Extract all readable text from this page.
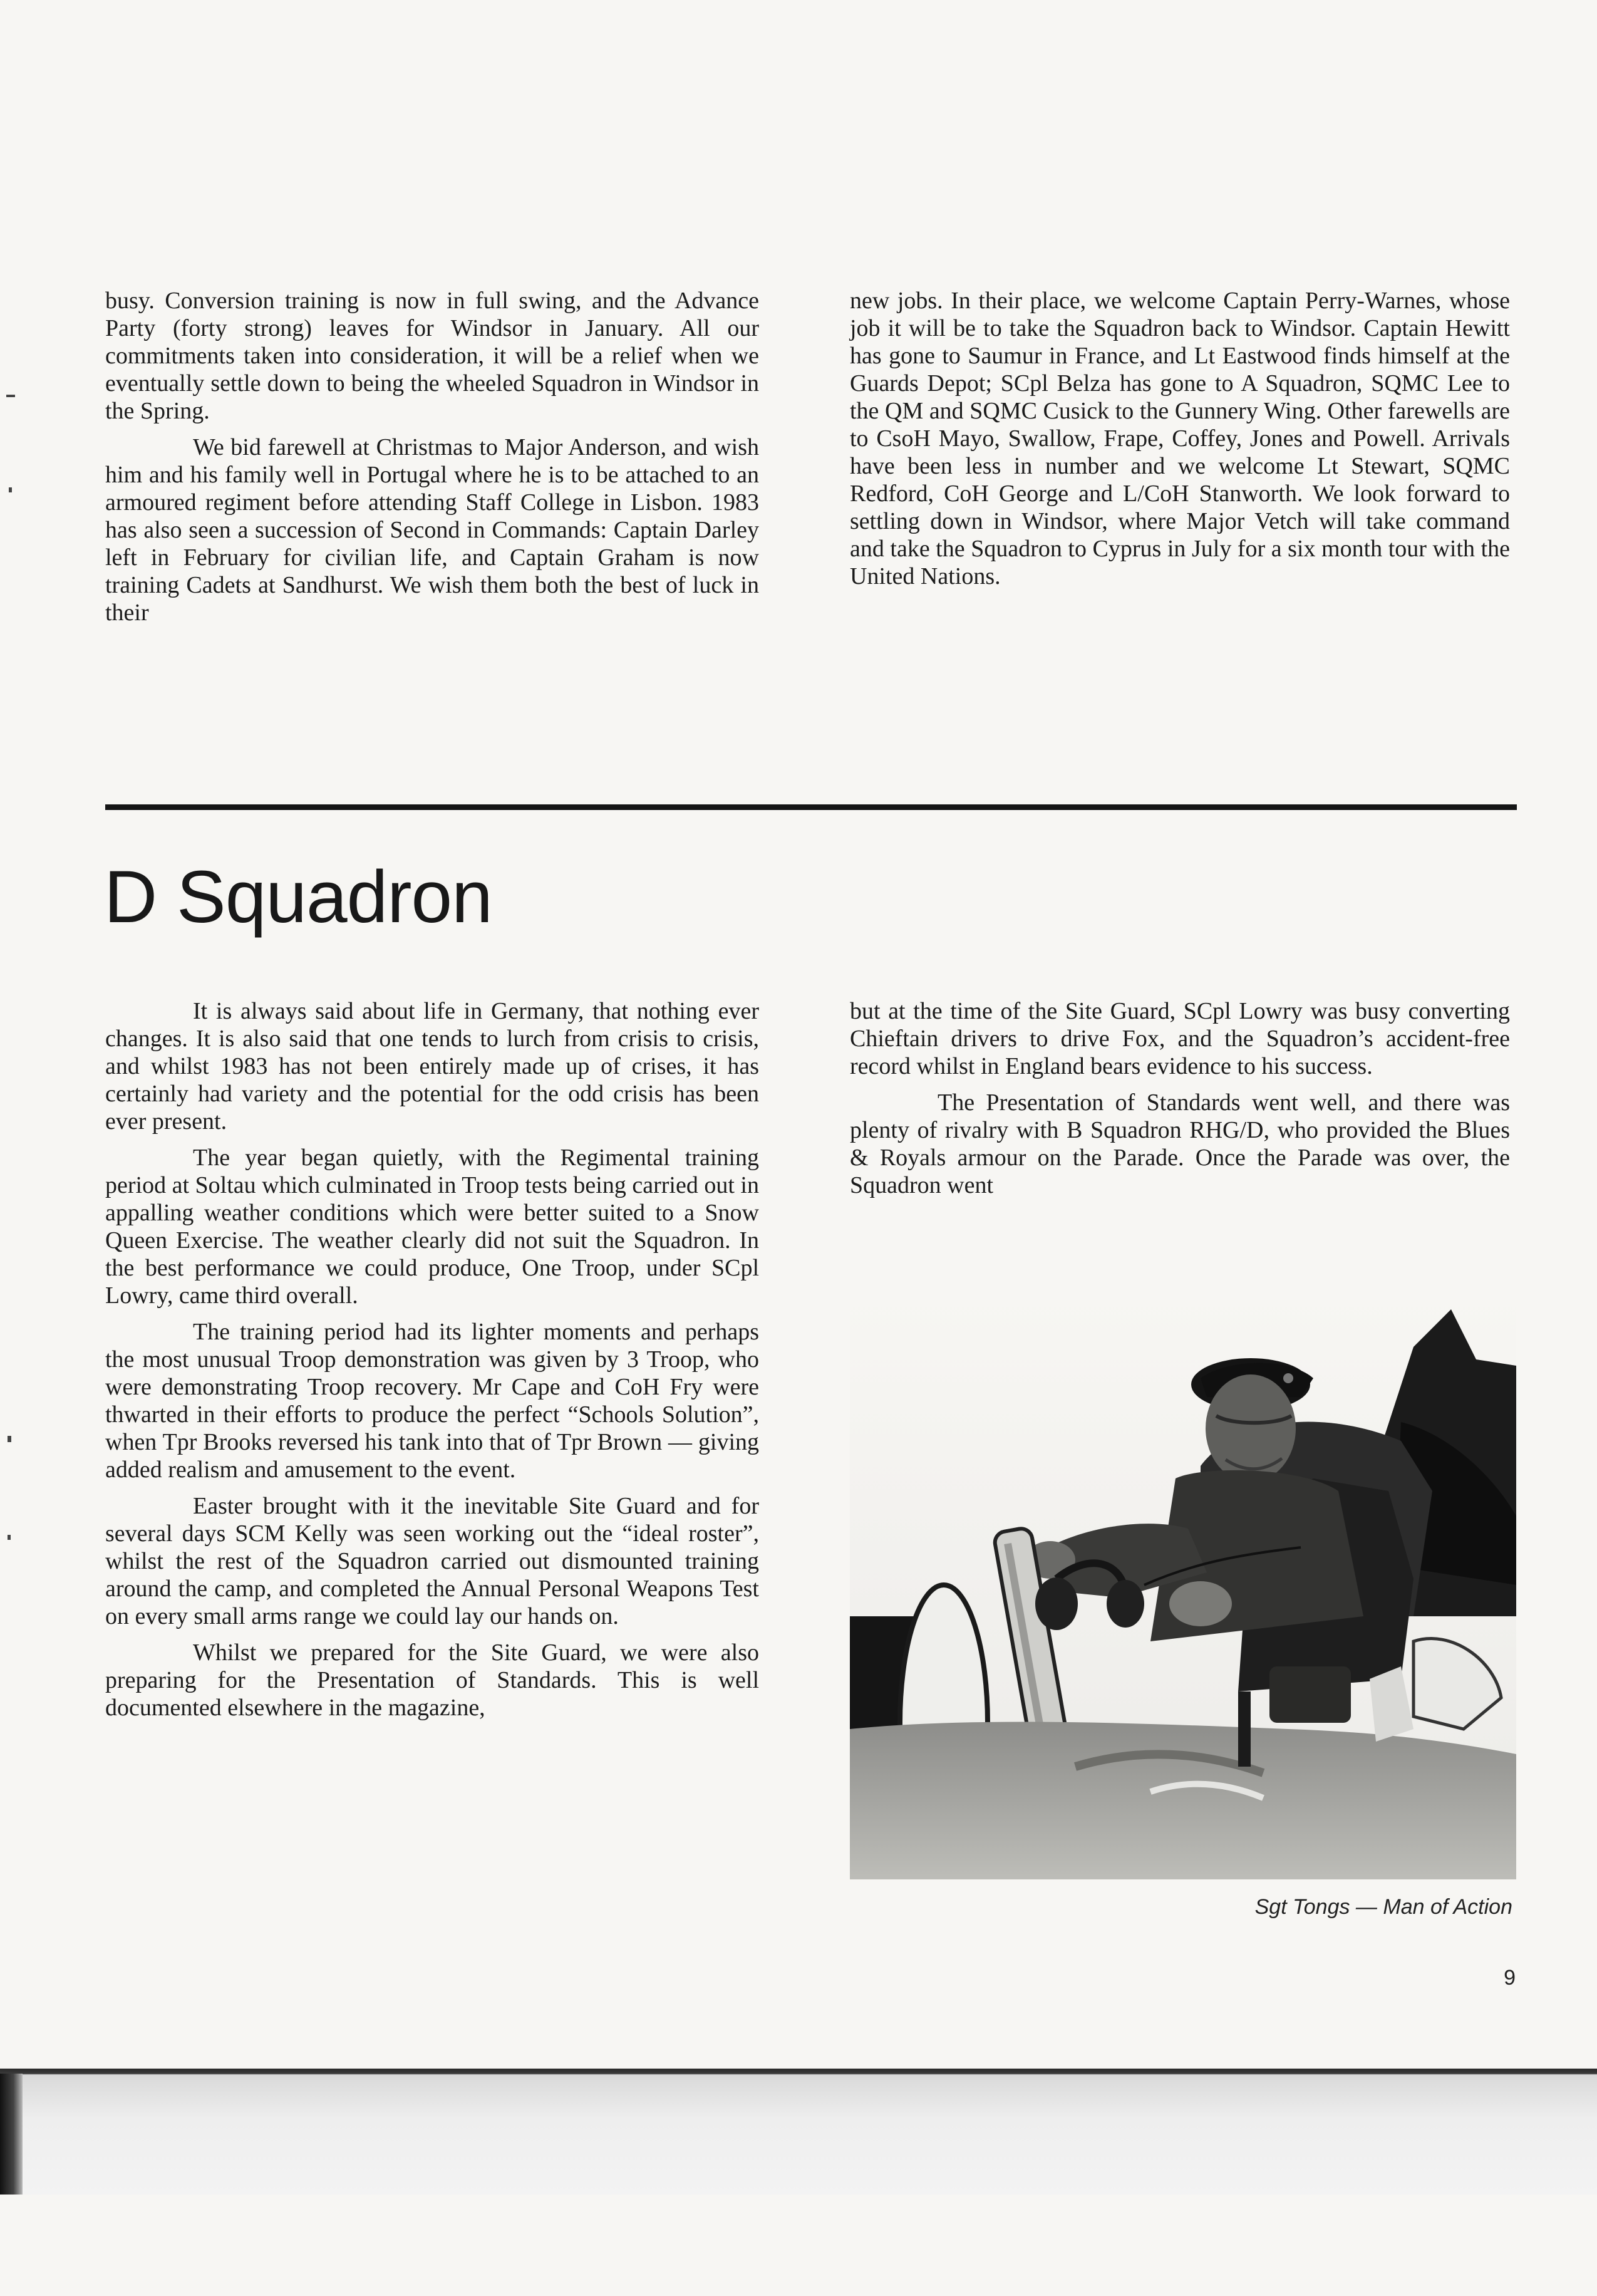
busy. Conversion training is now in full swing, and the Advance Party (forty strong) leaves for Windsor in January. All our commitments taken into consideration, it will be a relief when we eventually settle down to being the wheeled Squadron in Windsor in the Spring.

We bid farewell at Christmas to Major Anderson, and wish him and his family well in Portugal where he is to be attached to an armoured regiment before attending Staff College in Lisbon. 1983 has also seen a succession of Second in Commands: Captain Darley left in February for civilian life, and Captain Graham is now training Cadets at Sandhurst. We wish them both the best of luck in their

new jobs. In their place, we welcome Captain Perry-Warnes, whose job it will be to take the Squadron back to Windsor. Captain Hewitt has gone to Saumur in France, and Lt Eastwood finds himself at the Guards Depot; SCpl Belza has gone to A Squadron, SQMC Lee to the QM and SQMC Cusick to the Gunnery Wing. Other farewells are to CsoH Mayo, Swallow, Frape, Coffey, Jones and Powell. Arrivals have been less in number and we welcome Lt Stewart, SQMC Redford, CoH George and L/CoH Stanworth. We look forward to settling down in Windsor, where Major Vetch will take command and take the Squadron to Cyprus in July for a six month tour with the United Nations.

D Squadron

It is always said about life in Germany, that nothing ever changes. It is also said that one tends to lurch from crisis to crisis, and whilst 1983 has not been entirely made up of crises, it has certainly had variety and the potential for the odd crisis has been ever present.

The year began quietly, with the Regimental training period at Soltau which culminated in Troop tests being carried out in appalling weather conditions which were better suited to a Snow Queen Exercise. The weather clearly did not suit the Squadron. In the best performance we could produce, One Troop, under SCpl Lowry, came third overall.

The training period had its lighter moments and perhaps the most unusual Troop demonstration was given by 3 Troop, who were demonstrating Troop recovery. Mr Cape and CoH Fry were thwarted in their efforts to produce the perfect “Schools Solution”, when Tpr Brooks reversed his tank into that of Tpr Brown — giving added realism and amusement to the event.

Easter brought with it the inevitable Site Guard and for several days SCM Kelly was seen working out the “ideal roster”, whilst the rest of the Squadron carried out dismounted training around the camp, and completed the Annual Personal Weapons Test on every small arms range we could lay our hands on.

Whilst we prepared for the Site Guard, we were also preparing for the Presentation of Standards. This is well documented elsewhere in the magazine,

but at the time of the Site Guard, SCpl Lowry was busy converting Chieftain drivers to drive Fox, and the Squadron’s accident-free record whilst in England bears evidence to his success.

The Presentation of Standards went well, and there was plenty of rivalry with B Squadron RHG/D, who provided the Blues & Royals armour on the Parade. Once the Parade was over, the Squadron went

Sgt Tongs — Man of Action
9
